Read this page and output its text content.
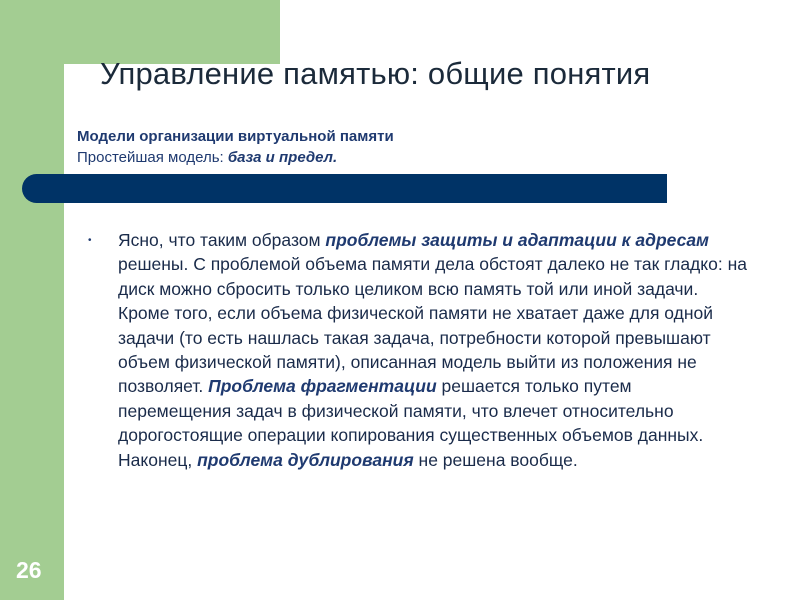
Управление памятью: общие понятия
Модели организации виртуальной памяти
Простейшая модель: база и предел.
•	Ясно, что таким образом проблемы защиты и адаптации к адресам решены. С проблемой объема памяти дела обстоят далеко не так гладко: на диск можно сбросить только целиком всю память той или иной задачи. Кроме того, если объема физической памяти не хватает даже для одной задачи (то есть нашлась такая задача, потребности которой превышают объем физической памяти), описанная модель выйти из положения не позволяет. Проблема фрагментации решается только путем перемещения задач в физической памяти, что влечет относительно дорогостоящие операции копирования существенных объемов данных. Наконец, проблема дублирования не решена вообще.
26
